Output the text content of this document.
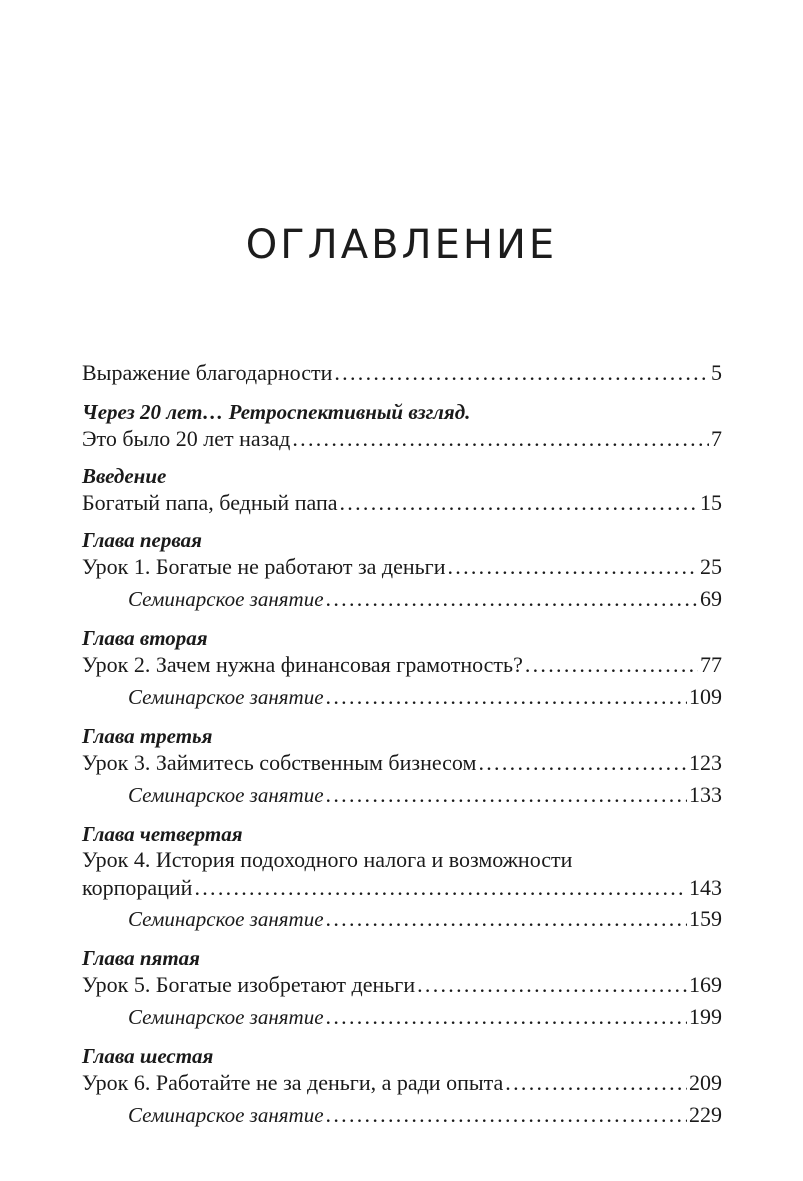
ОГЛАВЛЕНИЕ
Выражение благодарности . . .	5
Через 20 лет… Ретроспективный взгляд.
Это было 20 лет назад . . .	7
Введение
Богатый папа, бедный папа . . .	15
Глава первая
Урок 1. Богатые не работают за деньги . . .	25
Семинарское занятие . . .	69
Глава вторая
Урок 2. Зачем нужна финансовая грамотность? . . .	77
Семинарское занятие . . .	109
Глава третья
Урок 3. Займитесь собственным бизнесом . . .	123
Семинарское занятие . . .	133
Глава четвертая
Урок 4. История подоходного налога и возможности
корпораций . . .	143
Семинарское занятие . . .	159
Глава пятая
Урок 5. Богатые изобретают деньги . . .	169
Семинарское занятие . . .	199
Глава шестая
Урок 6. Работайте не за деньги, а ради опыта . . .	209
Семинарское занятие . . .	229
